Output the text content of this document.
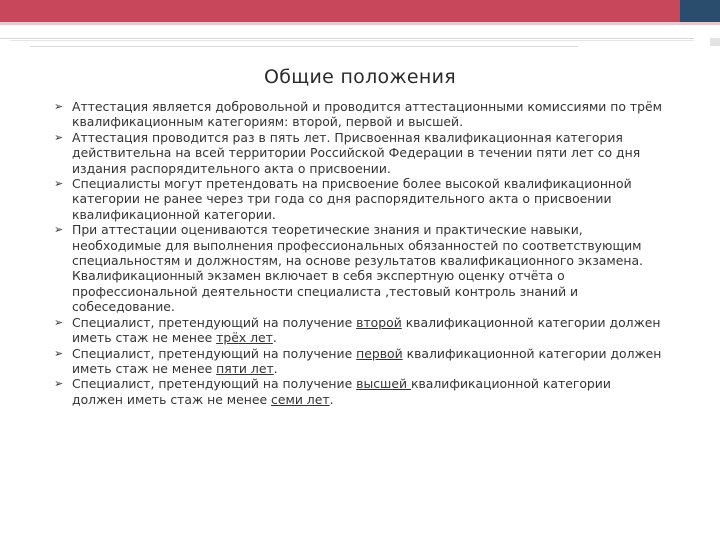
Общие положения
➢ Аттестация является добровольной и проводится аттестационными комиссиями по трём квалификационным категориям: второй, первой и высшей.
➢ Аттестация проводится раз в пять лет. Присвоенная квалификационная категория действительна на всей территории Российской Федерации в течении пяти лет со дня издания распорядительного акта о присвоении.
➢ Специалисты могут претендовать на присвоение более высокой квалификационной категории не ранее через три года со дня распорядительного акта о присвоении квалификационной категории.
➢ При аттестации оцениваются теоретические знания и практические навыки, необходимые для выполнения профессиональных обязанностей по соответствующим специальностям и должностям, на основе результатов квалификационного экзамена. Квалификационный экзамен включает в себя экспертную оценку отчёта о профессиональной деятельности специалиста ,тестовый контроль знаний и собеседование.
➢ Специалист, претендующий на получение второй квалификационной категории должен иметь стаж не менее трёх лет.
➢ Специалист, претендующий на получение первой квалификационной категории должен иметь стаж не менее пяти лет.
➢ Специалист, претендующий на получение высшей квалификационной категории должен иметь стаж не менее семи лет.
